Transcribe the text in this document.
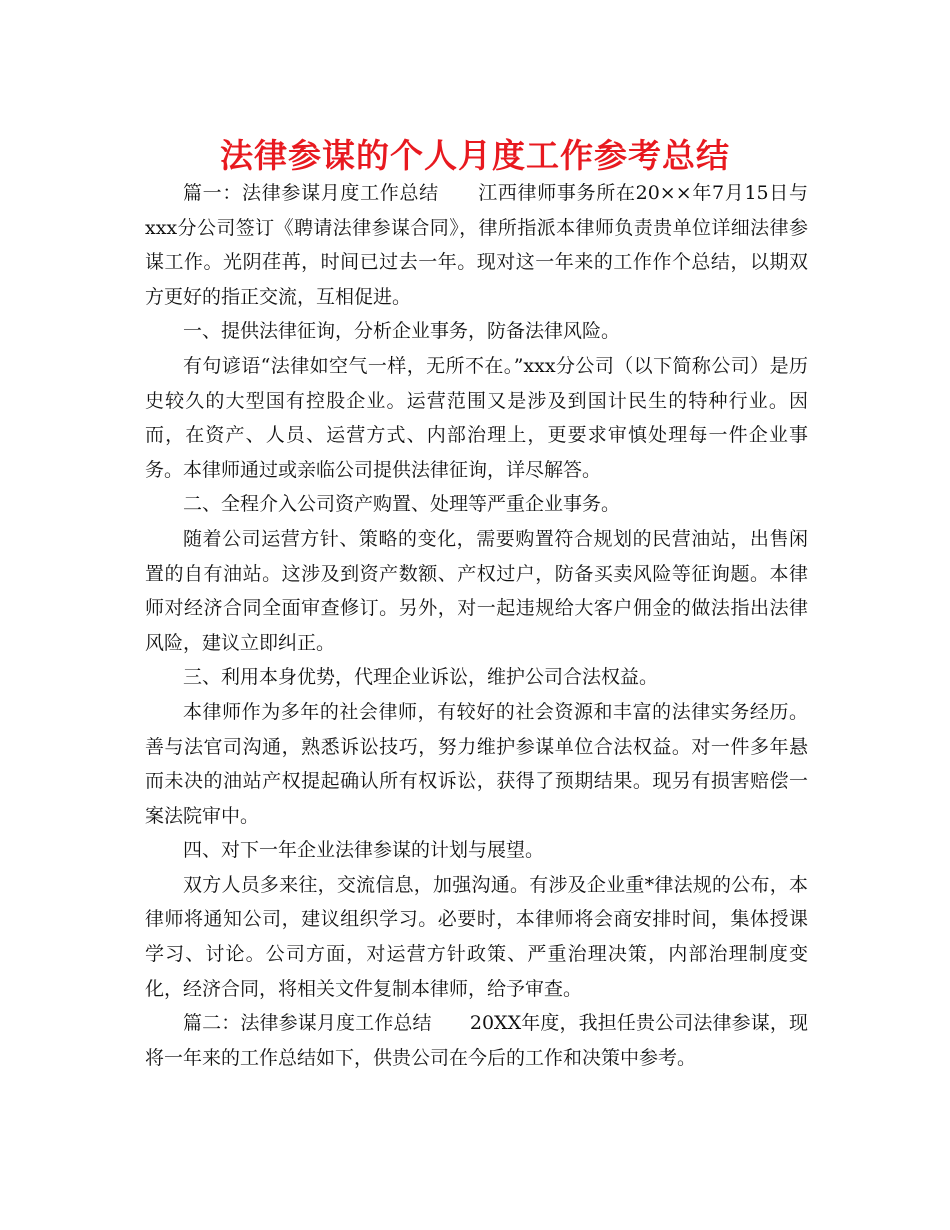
法律参谋的个人月度工作参考总结

篇一：法律参谋月度工作总结　　江西律师事务所在20××年7月15日与xxx分公司签订《聘请法律参谋合同》，律所指派本律师负责贵单位详细法律参谋工作。光阴荏苒，时间已过去一年。现对这一年来的工作作个总结，以期双方更好的指正交流，互相促进。

一、提供法律征询，分析企业事务，防备法律风险。

有句谚语“法律如空气一样，无所不在。”xxx分公司（以下简称公司）是历史较久的大型国有控股企业。运营范围又是涉及到国计民生的特种行业。因而，在资产、人员、运营方式、内部治理上，更要求审慎处理每一件企业事务。本律师通过或亲临公司提供法律征询，详尽解答。

二、全程介入公司资产购置、处理等严重企业事务。

随着公司运营方针、策略的变化，需要购置符合规划的民营油站，出售闲置的自有油站。这涉及到资产数额、产权过户，防备买卖风险等征询题。本律师对经济合同全面审查修订。另外，对一起违规给大客户佣金的做法指出法律风险，建议立即纠正。

三、利用本身优势，代理企业诉讼，维护公司合法权益。

本律师作为多年的社会律师，有较好的社会资源和丰富的法律实务经历。善与法官司沟通，熟悉诉讼技巧，努力维护参谋单位合法权益。对一件多年悬而未决的油站产权提起确认所有权诉讼，获得了预期结果。现另有损害赔偿一案法院审中。

四、对下一年企业法律参谋的计划与展望。

双方人员多来往，交流信息，加强沟通。有涉及企业重*律法规的公布，本律师将通知公司，建议组织学习。必要时，本律师将会商安排时间，集体授课学习、讨论。公司方面，对运营方针政策、严重治理决策，内部治理制度变化，经济合同，将相关文件复制本律师，给予审查。

篇二：法律参谋月度工作总结　　20XX年度，我担任贵公司法律参谋，现将一年来的工作总结如下，供贵公司在今后的工作和决策中参考。
